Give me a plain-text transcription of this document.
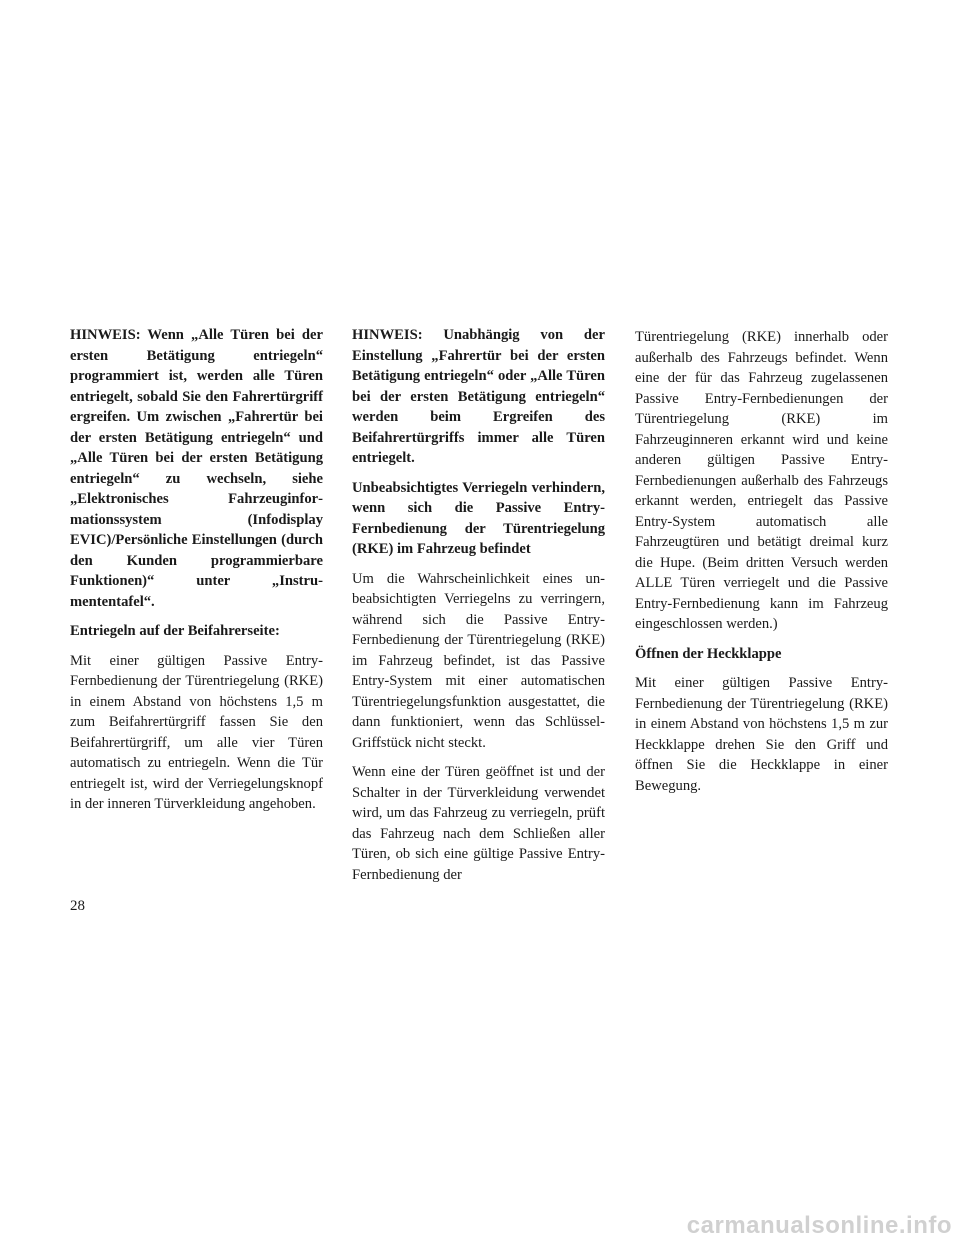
HINWEIS: Wenn „Alle Türen bei der ersten Betätigung entriegeln“ programmiert ist, werden alle Türen entriegelt, sobald Sie den Fahrertürgriff ergreifen. Um zwischen „Fahrertür bei der ersten Betätigung entriegeln“ und „Alle Türen bei der ersten Betätigung entriegeln“ zu wechseln, siehe „Elektronisches Fahrzeuginformationssystem (Infodisplay EVIC)/Persönliche Einstellungen (durch den Kunden programmierbare Funktionen)“ unter „Instrumententafel“.

Entriegeln auf der Beifahrerseite:

Mit einer gültigen Passive Entry-Fernbedienung der Türentriegelung (RKE) in einem Abstand von höchstens 1,5 m zum Beifahrertürgriff fassen Sie den Beifahrertürgriff, um alle vier Türen automatisch zu entriegeln. Wenn die Tür entriegelt ist, wird der Verriegelungsknopf in der inneren Türverkleidung angehoben.

HINWEIS: Unabhängig von der Einstellung „Fahrertür bei der ersten Betätigung entriegeln“ oder „Alle Türen bei der ersten Betätigung entriegeln“ werden beim Ergreifen des Beifahrertürgriffs immer alle Türen entriegelt.

Unbeabsichtigtes Verriegeln verhindern, wenn sich die Passive Entry-Fernbedienung der Türentriegelung (RKE) im Fahrzeug befindet

Um die Wahrscheinlichkeit eines unbeabsichtigten Verriegelns zu verringern, während sich die Passive Entry-Fernbedienung der Türentriegelung (RKE) im Fahrzeug befindet, ist das Passive Entry-System mit einer automatischen Türentriegelungsfunktion ausgestattet, die dann funktioniert, wenn das Schlüssel-Griffstück nicht steckt.

Wenn eine der Türen geöffnet ist und der Schalter in der Türverkleidung verwendet wird, um das Fahrzeug zu verriegeln, prüft das Fahrzeug nach dem Schließen aller Türen, ob sich eine gültige Passive Entry-Fernbedienung der

Türentriegelung (RKE) innerhalb oder außerhalb des Fahrzeugs befindet. Wenn eine der für das Fahrzeug zugelassenen Passive Entry-Fernbedienungen der Türentriegelung (RKE) im Fahrzeuginneren erkannt wird und keine anderen gültigen Passive Entry-Fernbedienungen außerhalb des Fahrzeugs erkannt werden, entriegelt das Passive Entry-System automatisch alle Fahrzeugtüren und betätigt dreimal kurz die Hupe. (Beim dritten Versuch werden ALLE Türen verriegelt und die Passive Entry-Fernbedienung kann im Fahrzeug eingeschlossen werden.)

Öffnen der Heckklappe

Mit einer gültigen Passive Entry-Fernbedienung der Türentriegelung (RKE) in einem Abstand von höchstens 1,5 m zur Heckklappe drehen Sie den Griff und öffnen Sie die Heckklappe in einer Bewegung.

28
carmanualsonline.info
